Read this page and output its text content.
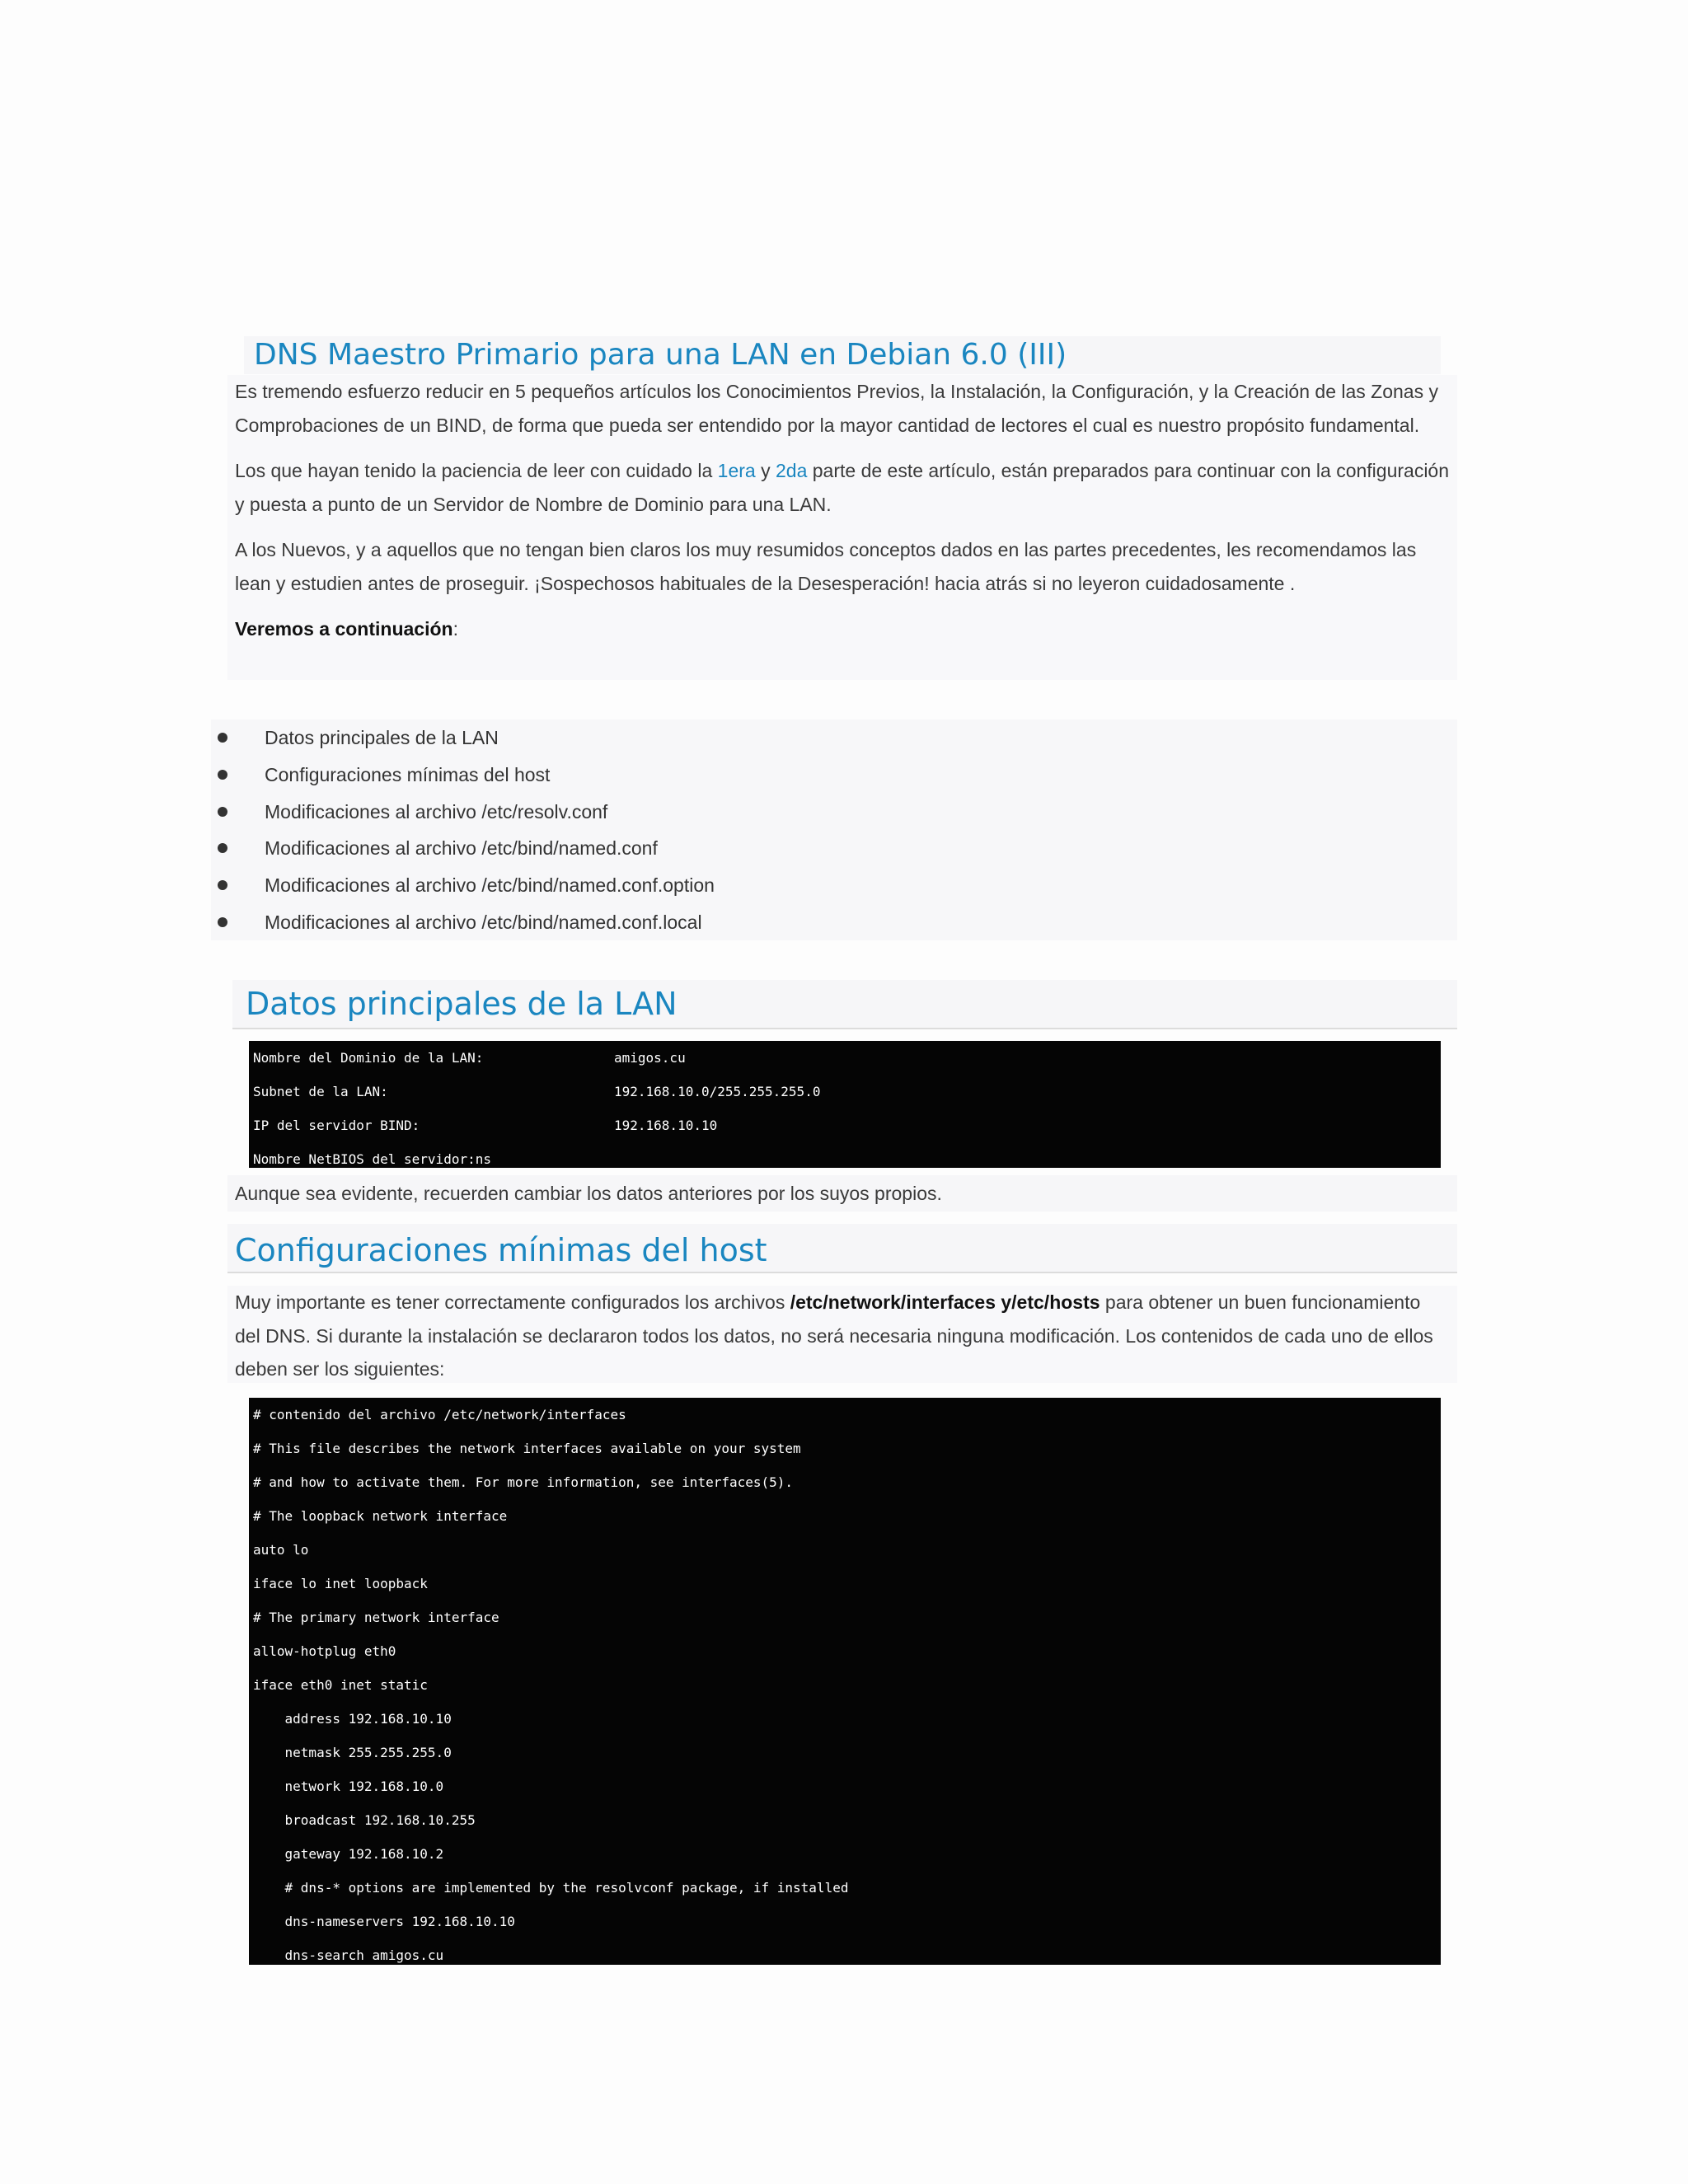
DNS Maestro Primario para una LAN en Debian 6.0 (III)

Es tremendo esfuerzo reducir en 5 pequeños artículos los Conocimientos Previos, la Instalación, la Configuración, y la Creación de las Zonas y Comprobaciones de un BIND, de forma que pueda ser entendido por la mayor cantidad de lectores el cual es nuestro propósito fundamental.

Los que hayan tenido la paciencia de leer con cuidado la 1era y 2da parte de este artículo, están preparados para continuar con la configuración y puesta a punto de un Servidor de Nombre de Dominio para una LAN.

A los Nuevos, y a aquellos que no tengan bien claros los muy resumidos conceptos dados en las partes precedentes, les recomendamos las lean y estudien antes de proseguir. ¡Sospechosos habituales de la Desesperación! hacia atrás si no leyeron cuidadosamente .

Veremos a continuación:

Datos principales de la LAN
Configuraciones mínimas del host
Modificaciones al archivo /etc/resolv.conf
Modificaciones al archivo /etc/bind/named.conf
Modificaciones al archivo /etc/bind/named.conf.option
Modificaciones al archivo /etc/bind/named.conf.local
Datos principales de la LAN
Nombre del Dominio de la LAN:	amigos.cu
Subnet de la LAN:	192.168.10.0/255.255.255.0
IP del servidor BIND:	192.168.10.10
Nombre NetBIOS del servidor:ns

Aunque sea evidente, recuerden cambiar los datos anteriores por los suyos propios.

Configuraciones mínimas del host

Muy importante es tener correctamente configurados los archivos /etc/network/interfaces y/etc/hosts para obtener un buen funcionamiento del DNS. Si durante la instalación se declararon todos los datos, no será necesaria ninguna modificación. Los contenidos de cada uno de ellos deben ser los siguientes:

# contenido del archivo /etc/network/interfaces
# This file describes the network interfaces available on your system
# and how to activate them. For more information, see interfaces(5).
# The loopback network interface
auto lo
iface lo inet loopback
# The primary network interface
allow-hotplug eth0
iface eth0 inet static
address 192.168.10.10
netmask 255.255.255.0
network 192.168.10.0
broadcast 192.168.10.255
gateway 192.168.10.2
# dns-* options are implemented by the resolvconf package, if installed
dns-nameservers 192.168.10.10
dns-search amigos.cu
